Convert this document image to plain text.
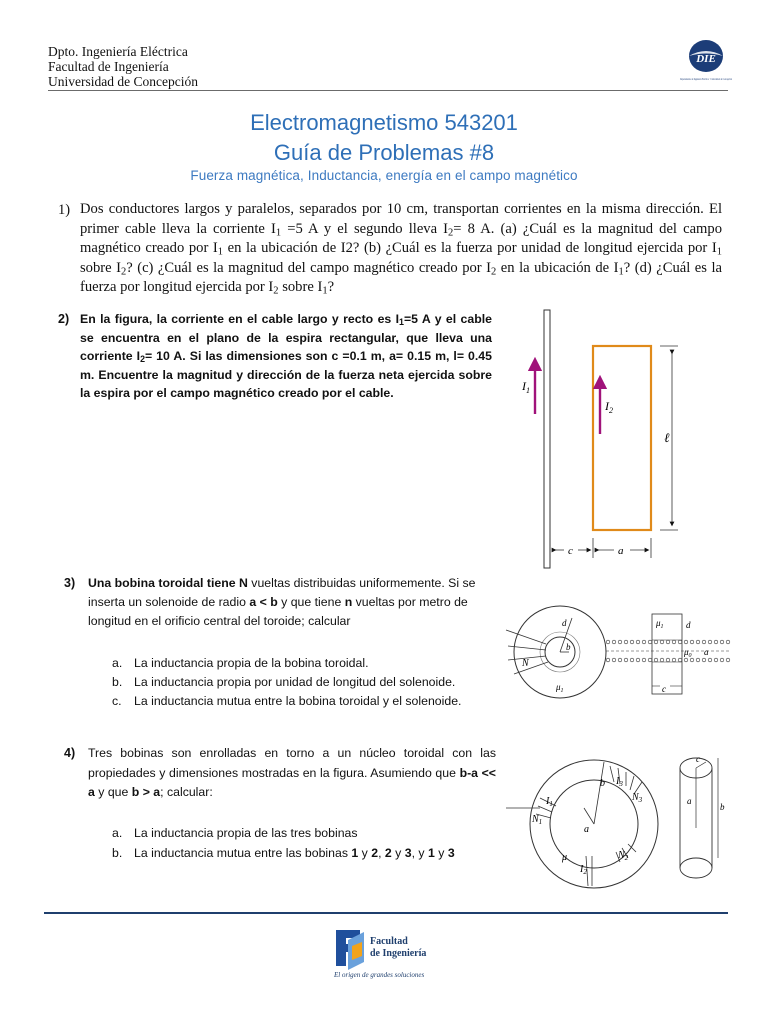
Dpto. Ingeniería Eléctrica
Facultad de Ingeniería
Universidad de Concepción
DIE
Departamento de Ingeniería Eléctrica · Universidad de Concepción
Electromagnetismo 543201
Guía de Problemas #8
Fuerza magnética, Inductancia, energía en el campo magnético
1) Dos conductores largos y paralelos, separados por 10 cm, transportan corrientes en la misma dirección. El primer cable lleva la corriente $I_1 =5$ A y el segundo lleva $I_2= 8$ A. (a) ¿Cuál es la magnitud del campo magnético creado por $I_1$ en la ubicación de I2? (b) ¿Cuál es la fuerza por unidad de longitud ejercida por $I_1$ sobre $I_2$? (c) ¿Cuál es la magnitud del campo magnético creado por $I_2$ en la ubicación de $I_1$? (d) ¿Cuál es la fuerza por longitud ejercida por $I_2$ sobre $I_1$?
2) En la figura, la corriente en el cable largo y recto es $I_1=5$ A y el cable se encuentra en el plano de la espira rectangular, que lleva una corriente $I_2= 10$ A. Si las dimensiones son c =0.1 m, a= 0.15 m, l= 0.45 m. Encuentre la magnitud y dirección de la fuerza neta ejercida sobre la espira por el campo magnético creado por el cable.	$I_1$
$I_2$
ℓ
c	a
3) Una bobina toroidal tiene N vueltas distribuidas uniformemente. Si se inserta un solenoide de radio a < b y que tiene n vueltas por metro de longitud en el orificio central del toroide; calcular
a. La inductancia propia de la bobina toroidal.
b. La inductancia propia por unidad de longitud del solenoide.
c. La inductancia mutua entre la bobina toroidal y el solenoide.
d
b
N
$\mu_1$
$\mu_1$ d
$\mu_0$ a
c
4) Tres bobinas son enrolladas en torno a un núcleo toroidal con las propiedades y dimensiones mostradas en la figura. Asumiendo que b-a << a y que b > a; calcular:
a. La inductancia propia de las tres bobinas
b. La inductancia mutua entre las bobinas 1 y 2, 2 y 3, y 1 y 3
$I_1$
$N_1$
$I_3$
$N_3$
$N_2$
$I_2$
b
a
μ
c
a
b
Facultad
de Ingeniería
El origen de grandes soluciones
